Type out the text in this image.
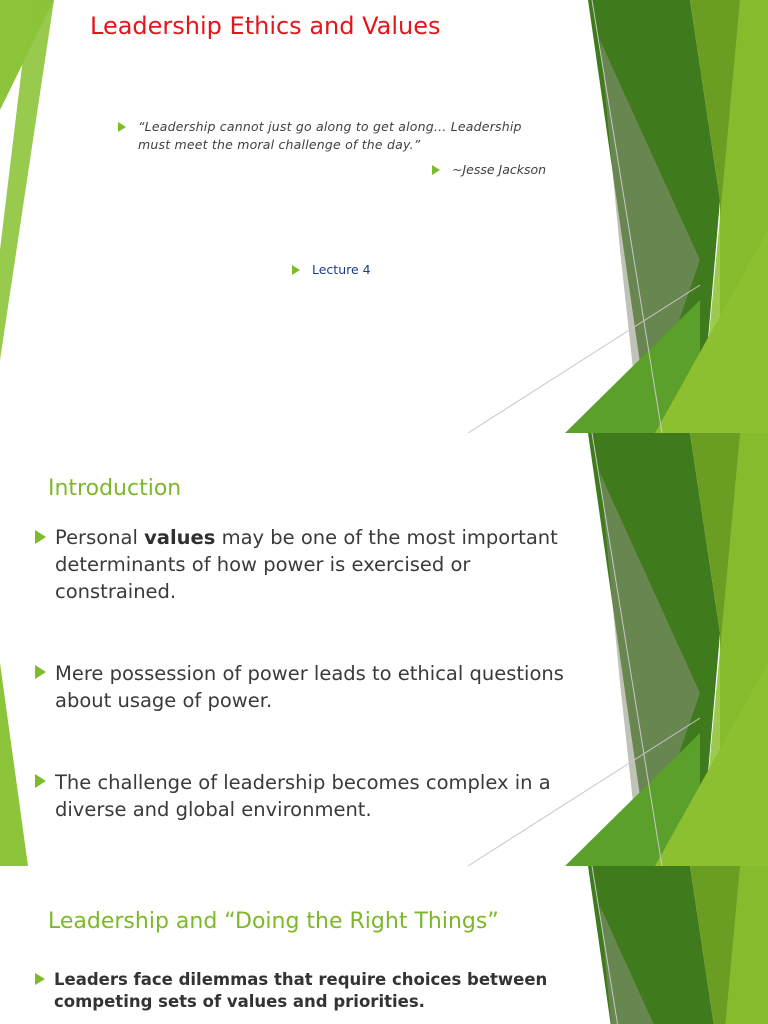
Leadership Ethics and Values
“Leadership cannot just go along to get along… Leadership must meet the moral challenge of the day.”
~Jesse Jackson
Lecture 4
Introduction
Personal values may be one of the most important determinants of how power is exercised or constrained.
Mere possession of power leads to ethical questions about usage of power.
The challenge of leadership becomes complex in a diverse and global environment.
Leadership and “Doing the Right Things”
Leaders face dilemmas that require choices between competing sets of values and priorities.
